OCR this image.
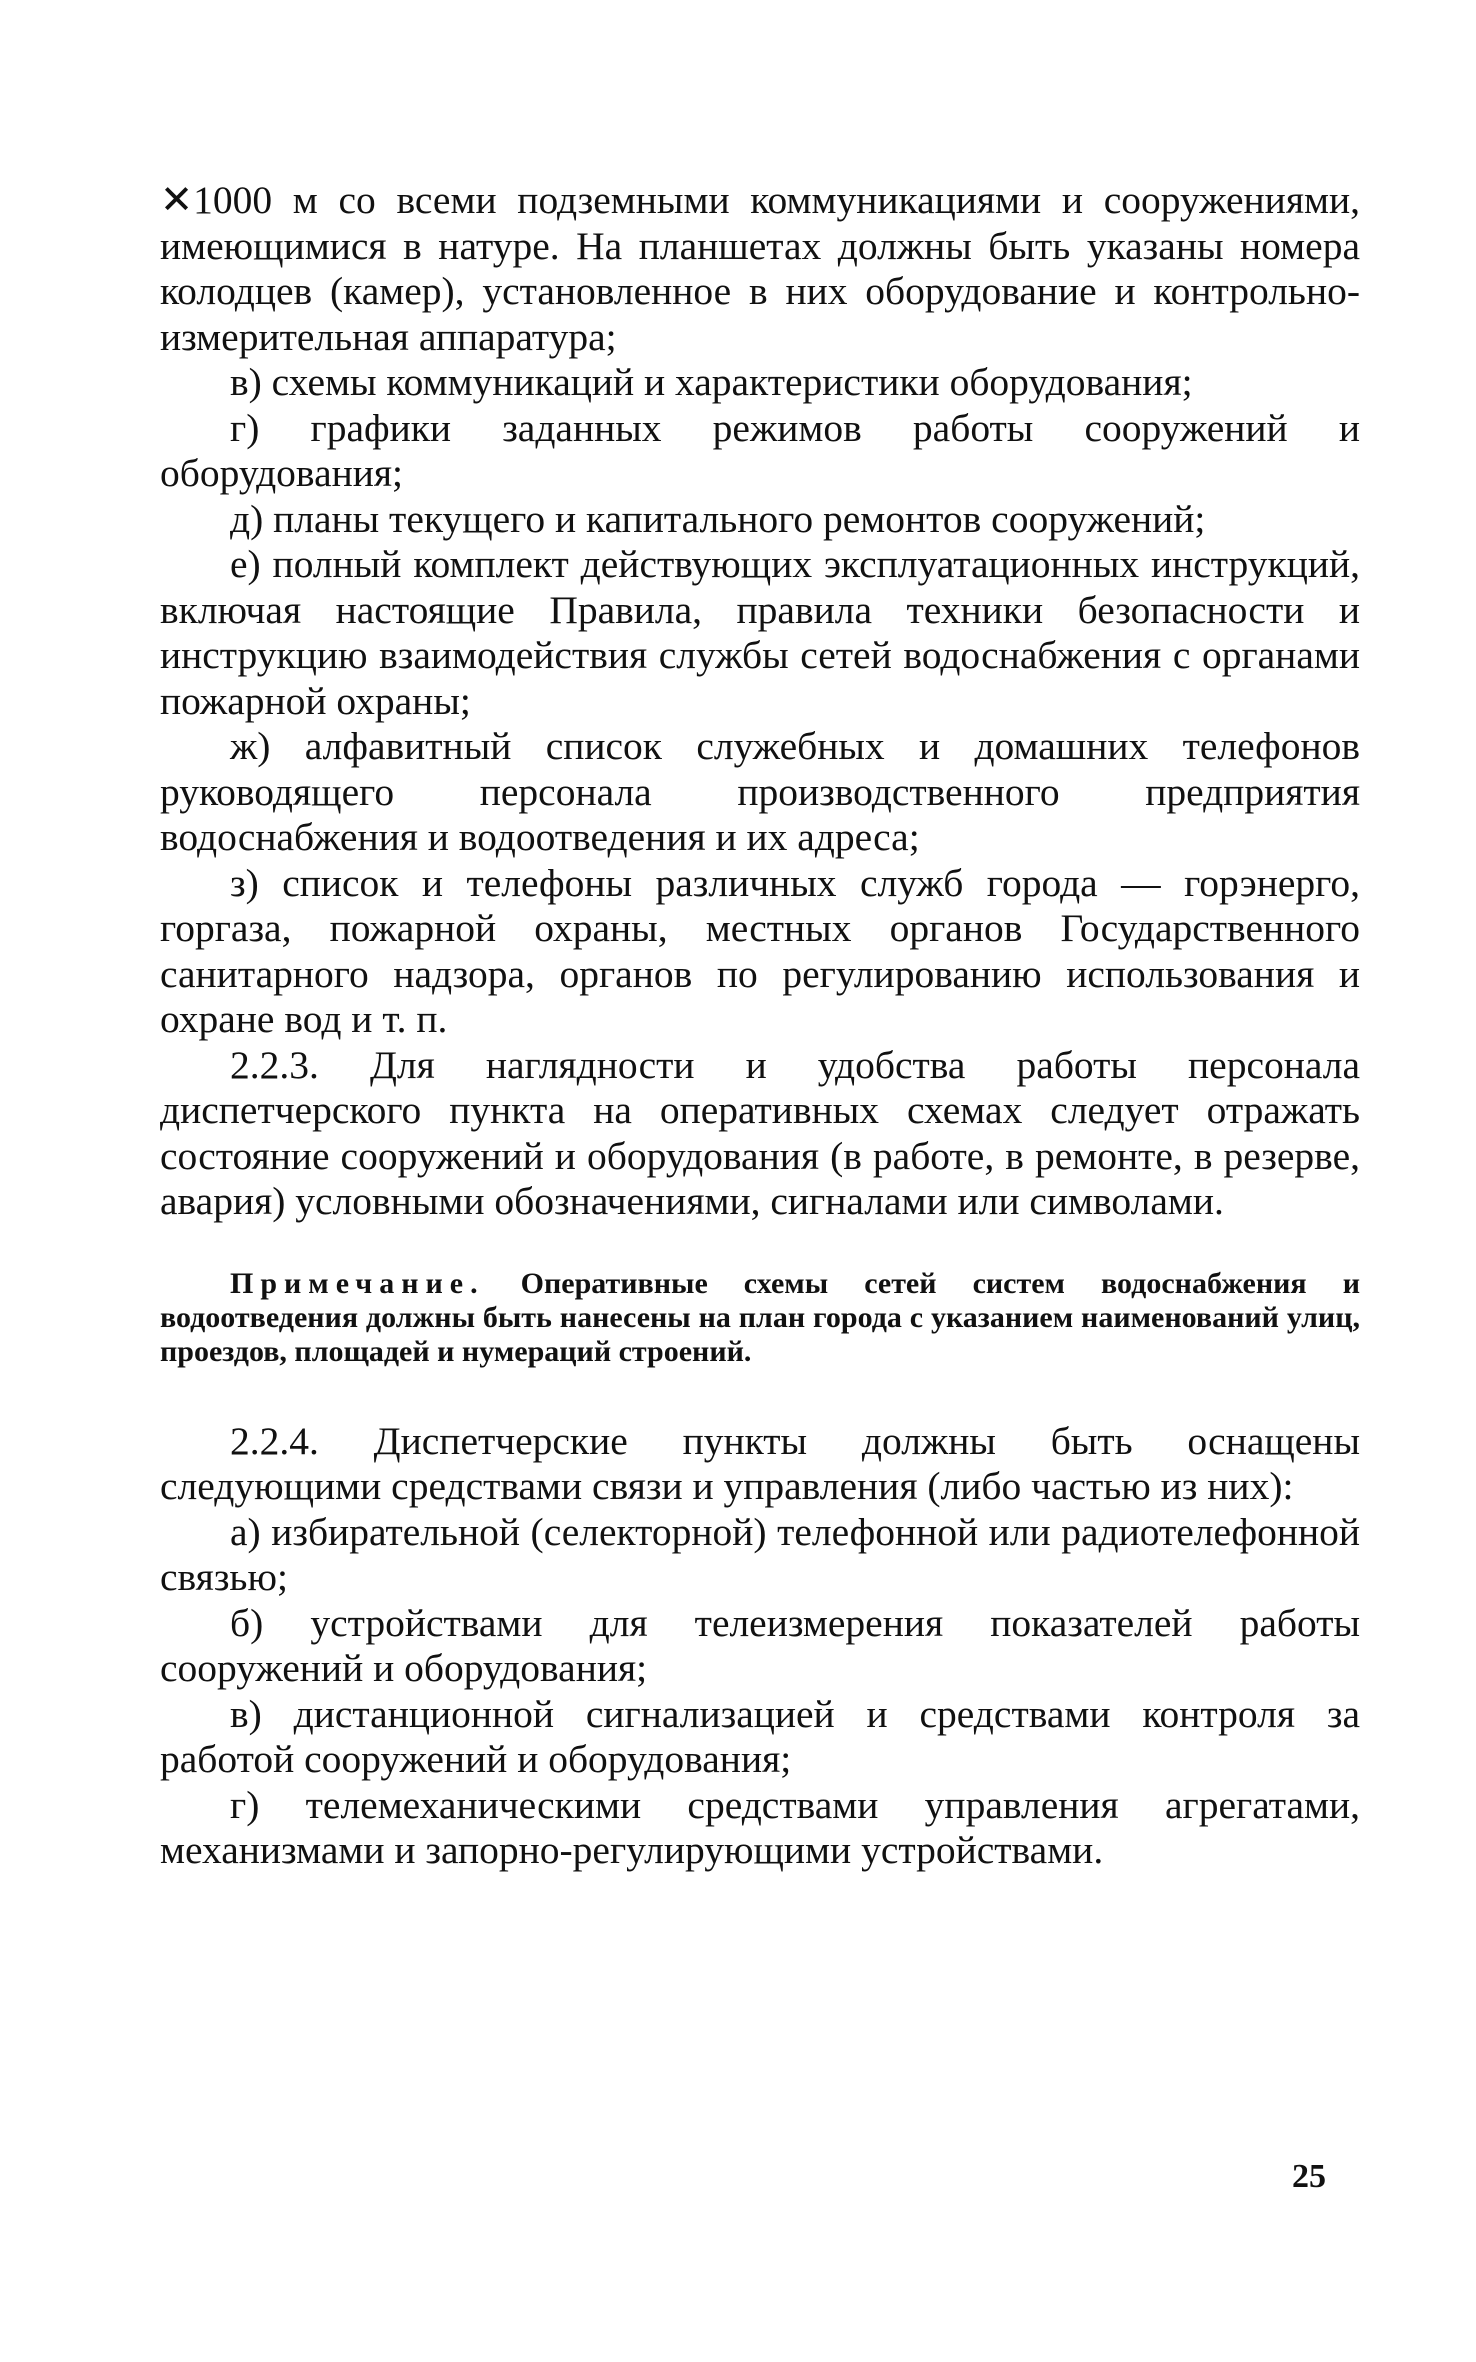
✕1000 м со всеми подземными коммуникациями и сооружениями, имеющимися в натуре. На планшетах должны быть указаны номера колодцев (камер), установленное в них оборудование и контрольно-измерительная аппаратура;

в) схемы коммуникаций и характеристики оборудования;

г) графики заданных режимов работы сооружений и оборудования;

д) планы текущего и капитального ремонтов сооружений;

е) полный комплект действующих эксплуатационных инструкций, включая настоящие Правила, правила техники безопасности и инструкцию взаимодействия службы сетей водоснабжения с органами пожарной охраны;

ж) алфавитный список служебных и домашних телефонов руководящего персонала производственного предприятия водоснабжения и водоотведения и их адреса;

з) список и телефоны различных служб города — горэнерго, горгаза, пожарной охраны, местных органов Государственного санитарного надзора, органов по регулированию использования и охране вод и т. п.

2.2.3. Для наглядности и удобства работы персонала диспетчерского пункта на оперативных схемах следует отражать состояние сооружений и оборудования (в работе, в ремонте, в резерве, авария) условными обозначениями, сигналами или символами.

Примечание. Оперативные схемы сетей систем водоснабжения и водоотведения должны быть нанесены на план города с указанием наименований улиц, проездов, площадей и нумераций строений.

2.2.4. Диспетчерские пункты должны быть оснащены следующими средствами связи и управления (либо частью из них):

а) избирательной (селекторной) телефонной или радиотелефонной связью;

б) устройствами для телеизмерения показателей работы сооружений и оборудования;

в) дистанционной сигнализацией и средствами контроля за работой сооружений и оборудования;

г) телемеханическими средствами управления агрегатами, механизмами и запорно-регулирующими устройствами.

25
